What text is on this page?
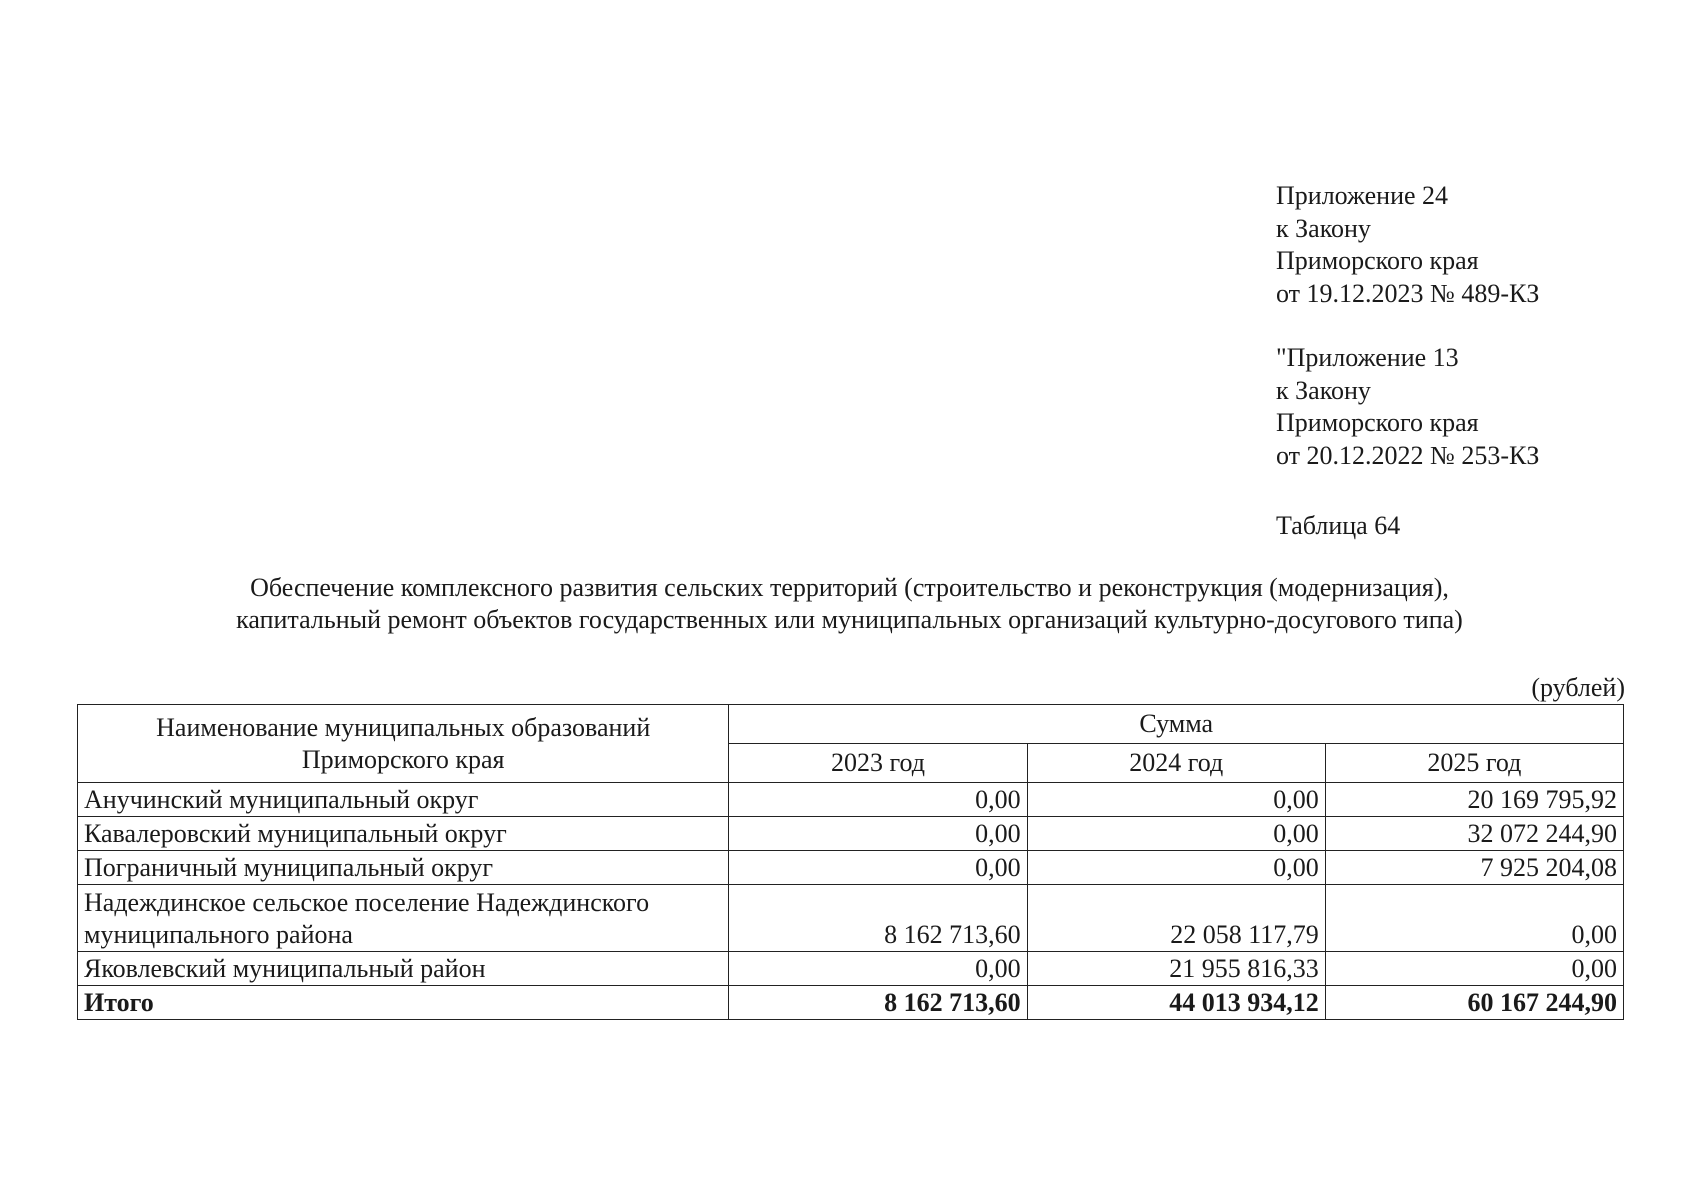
Приложение 24
к Закону
Приморского края
от 19.12.2023 № 489-КЗ
"Приложение 13
к Закону
Приморского края
от 20.12.2022 № 253-КЗ
Таблица 64
Обеспечение комплексного развития сельских территорий (строительство и реконструкция (модернизация),
капитальный ремонт объектов государственных или муниципальных организаций культурно-досугового типа)
(рублей)
Наименование муниципальных образований
Приморского края	Сумма		
	2023 год	2024 год	2025 год
Анучинский муниципальный округ	0,00	0,00	20 169 795,92
Кавалеровский муниципальный округ	0,00	0,00	32 072 244,90
Пограничный муниципальный округ	0,00	0,00	7 925 204,08
Надеждинское сельское поселение Надеждинского муниципального района	8 162 713,60	22 058 117,79	0,00
Яковлевский муниципальный район	0,00	21 955 816,33	0,00
Итого	8 162 713,60	44 013 934,12	60 167 244,90
